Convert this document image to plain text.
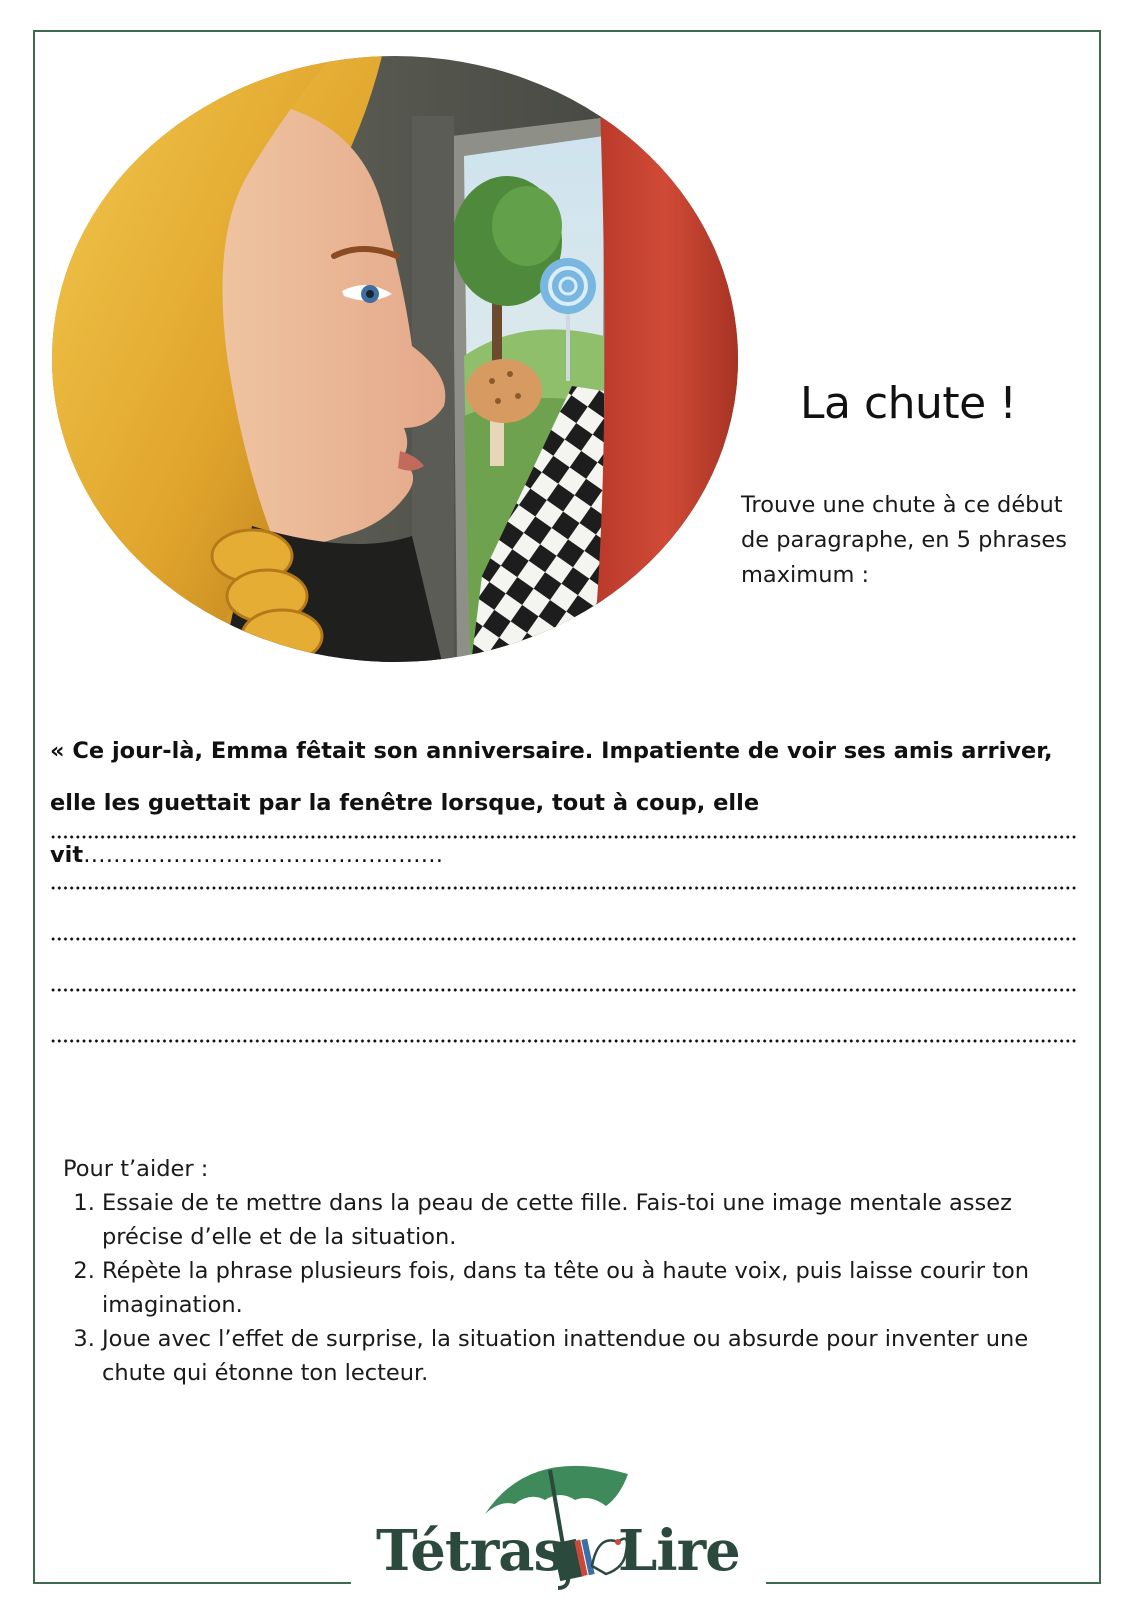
La chute !
Trouve une chute à ce début de paragraphe, en 5 phrases maximum :
« Ce jour-là, Emma fêtait son anniversaire. Impatiente de voir ses amis arriver, elle les guettait par la fenêtre lorsque, tout à coup, elle vit…………………………………………
Pour t’aider :
1. Essaie de te mettre dans la peau de cette fille. Fais-toi une image mentale assez précise d’elle et de la situation.
2. Répète la phrase plusieurs fois, dans ta tête ou à haute voix, puis laisse courir ton imagination.
3. Joue avec l’effet de surprise, la situation inattendue ou absurde pour inventer une chute qui étonne ton lecteur.
Tétras Lire
